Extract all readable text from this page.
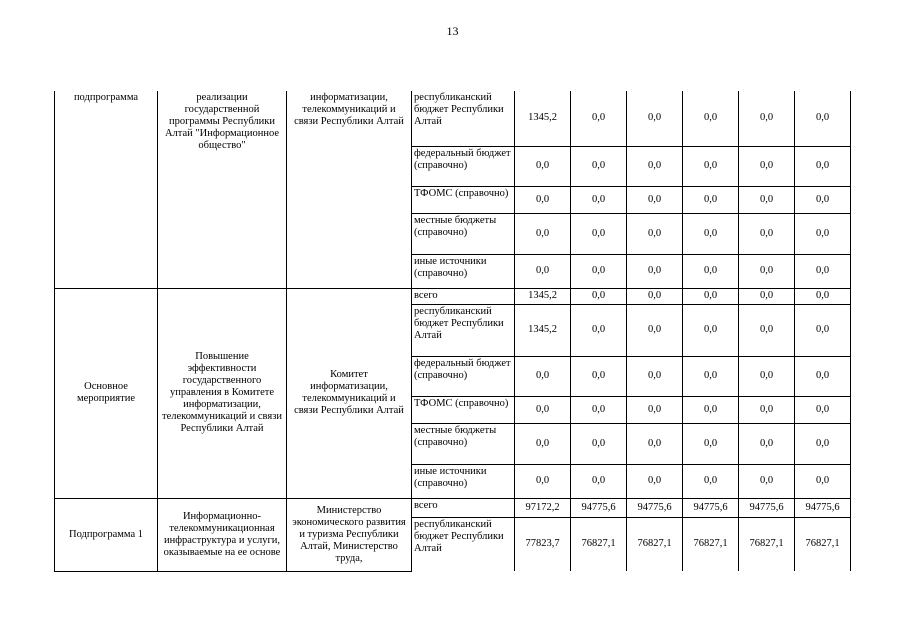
13
подпрограмма	реализации государственной программы Республики Алтай "Информационное общество"	информатизации, телекоммуникаций и связи Республики Алтай	республиканский бюджет Республики Алтай	1345,2	0,0	0,0	0,0	0,0	0,0
			федеральный бюджет (справочно)	0,0	0,0	0,0	0,0	0,0	0,0
			ТФОМС (справочно)	0,0	0,0	0,0	0,0	0,0	0,0
			местные бюджеты (справочно)	0,0	0,0	0,0	0,0	0,0	0,0
			иные источники (справочно)	0,0	0,0	0,0	0,0	0,0	0,0
Основное мероприятие	Повышение эффективности государственного управления в Комитете информатизации, телекоммуникаций и связи Республики Алтай	Комитет информатизации, телекоммуникаций и связи Республики Алтай	всего	1345,2	0,0	0,0	0,0	0,0	0,0
			республиканский бюджет Республики Алтай	1345,2	0,0	0,0	0,0	0,0	0,0
			федеральный бюджет (справочно)	0,0	0,0	0,0	0,0	0,0	0,0
			ТФОМС (справочно)	0,0	0,0	0,0	0,0	0,0	0,0
			местные бюджеты (справочно)	0,0	0,0	0,0	0,0	0,0	0,0
			иные источники (справочно)	0,0	0,0	0,0	0,0	0,0	0,0
Подпрограмма 1	Информационно-телекоммуникационная инфраструктура и услуги, оказываемые на ее основе	Министерство экономического развития и туризма Республики Алтай, Министерство труда,	всего	97172,2	94775,6	94775,6	94775,6	94775,6	94775,6
			республиканский бюджет Республики Алтай	77823,7	76827,1	76827,1	76827,1	76827,1	76827,1
